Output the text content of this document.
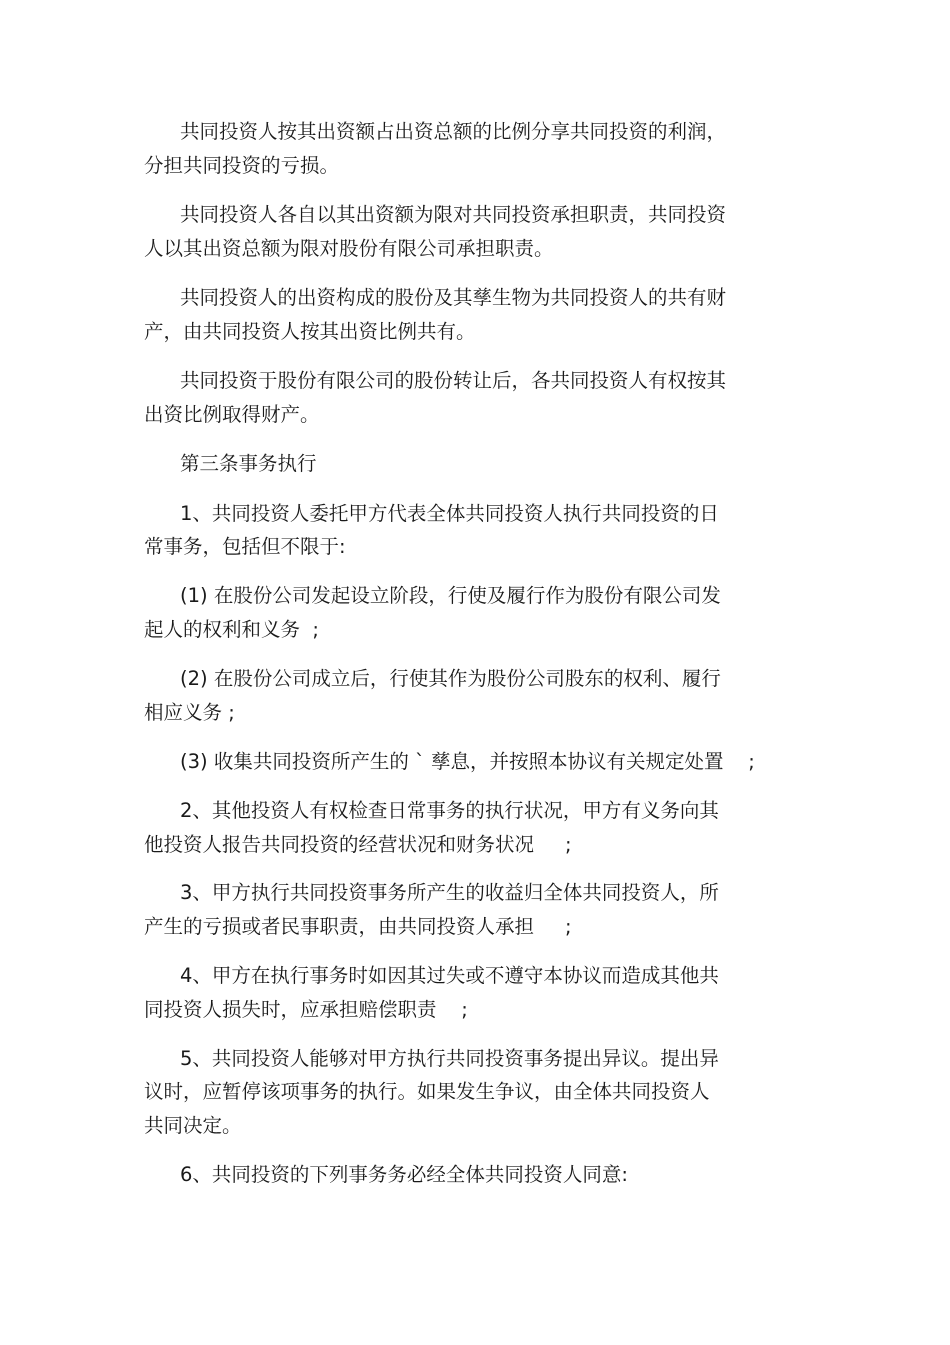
共同投资人按其出资额占出资总额的比例分享共同投资的利润，
分担共同投资的亏损。
共同投资人各自以其出资额为限对共同投资承担职责，共同投资
人以其出资总额为限对股份有限公司承担职责。
共同投资人的出资构成的股份及其孳生物为共同投资人的共有财
产，由共同投资人按其出资比例共有。
共同投资于股份有限公司的股份转让后，各共同投资人有权按其
出资比例取得财产。
第三条事务执行
1、共同投资人委托甲方代表全体共同投资人执行共同投资的日
常事务，包括但不限于:
(1) 在股份公司发起设立阶段，行使及履行作为股份有限公司发
起人的权利和义务  ;
(2) 在股份公司成立后，行使其作为股份公司股东的权利、履行
相应义务 ;
(3) 收集共同投资所产生的 ` 孳息，并按照本协议有关规定处置    ;
2、其他投资人有权检查日常事务的执行状况，甲方有义务向其
他投资人报告共同投资的经营状况和财务状况     ;
3、甲方执行共同投资事务所产生的收益归全体共同投资人，所
产生的亏损或者民事职责，由共同投资人承担     ;
4、甲方在执行事务时如因其过失或不遵守本协议而造成其他共
同投资人损失时，应承担赔偿职责    ;
5、共同投资人能够对甲方执行共同投资事务提出异议。提出异
议时，应暂停该项事务的执行。如果发生争议，由全体共同投资人
共同决定。
6、共同投资的下列事务务必经全体共同投资人同意:
